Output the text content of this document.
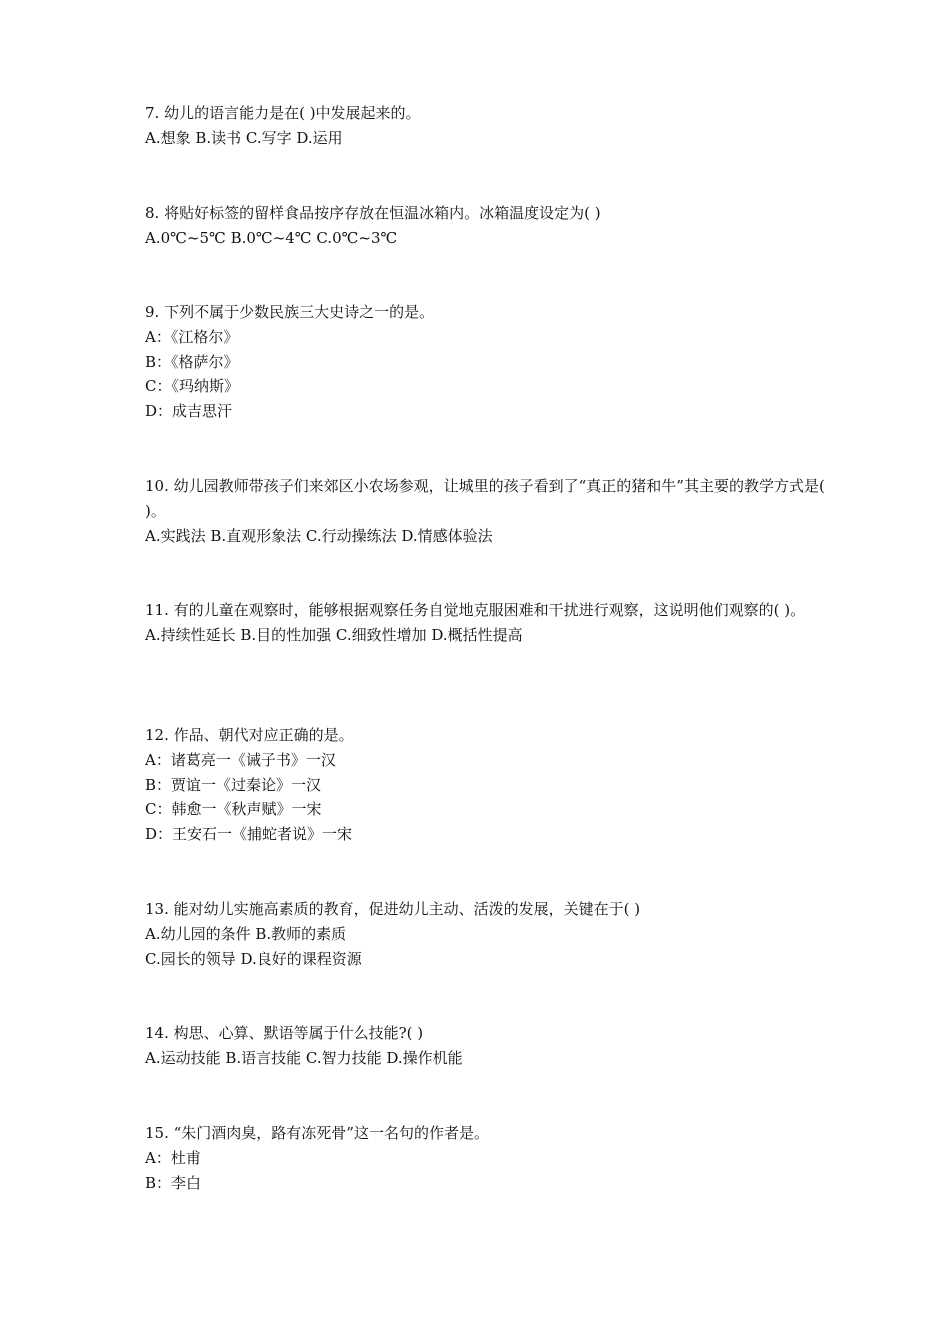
7. 幼儿的语言能力是在( )中发展起来的。
A.想象 B.读书 C.写字 D.运用
8. 将贴好标签的留样食品按序存放在恒温冰箱内。冰箱温度设定为( )
A.0℃~5℃ B.0℃~4℃ C.0℃~3℃
9. 下列不属于少数民族三大史诗之一的是。
A：《江格尔》
B：《格萨尔》
C：《玛纳斯》
D：成吉思汗
10. 幼儿园教师带孩子们来郊区小农场参观，让城里的孩子看到了“真正的猪和牛”其主要的教学方式是( )。
A.实践法 B.直观形象法 C.行动操练法 D.情感体验法
11. 有的儿童在观察时，能够根据观察任务自觉地克服困难和干扰进行观察，这说明他们观察的( )。
A.持续性延长 B.目的性加强 C.细致性增加 D.概括性提高
12. 作品、朝代对应正确的是。
A：诸葛亮一《诫子书》一汉
B：贾谊一《过秦论》一汉
C：韩愈一《秋声赋》一宋
D：王安石一《捕蛇者说》一宋
13. 能对幼儿实施高素质的教育，促进幼儿主动、活泼的发展，关键在于( )
A.幼儿园的条件 B.教师的素质
C.园长的领导 D.良好的课程资源
14. 构思、心算、默语等属于什么技能?( )
A.运动技能 B.语言技能 C.智力技能 D.操作机能
15. “朱门酒肉臭，路有冻死骨”这一名句的作者是。
A：杜甫
B：李白
